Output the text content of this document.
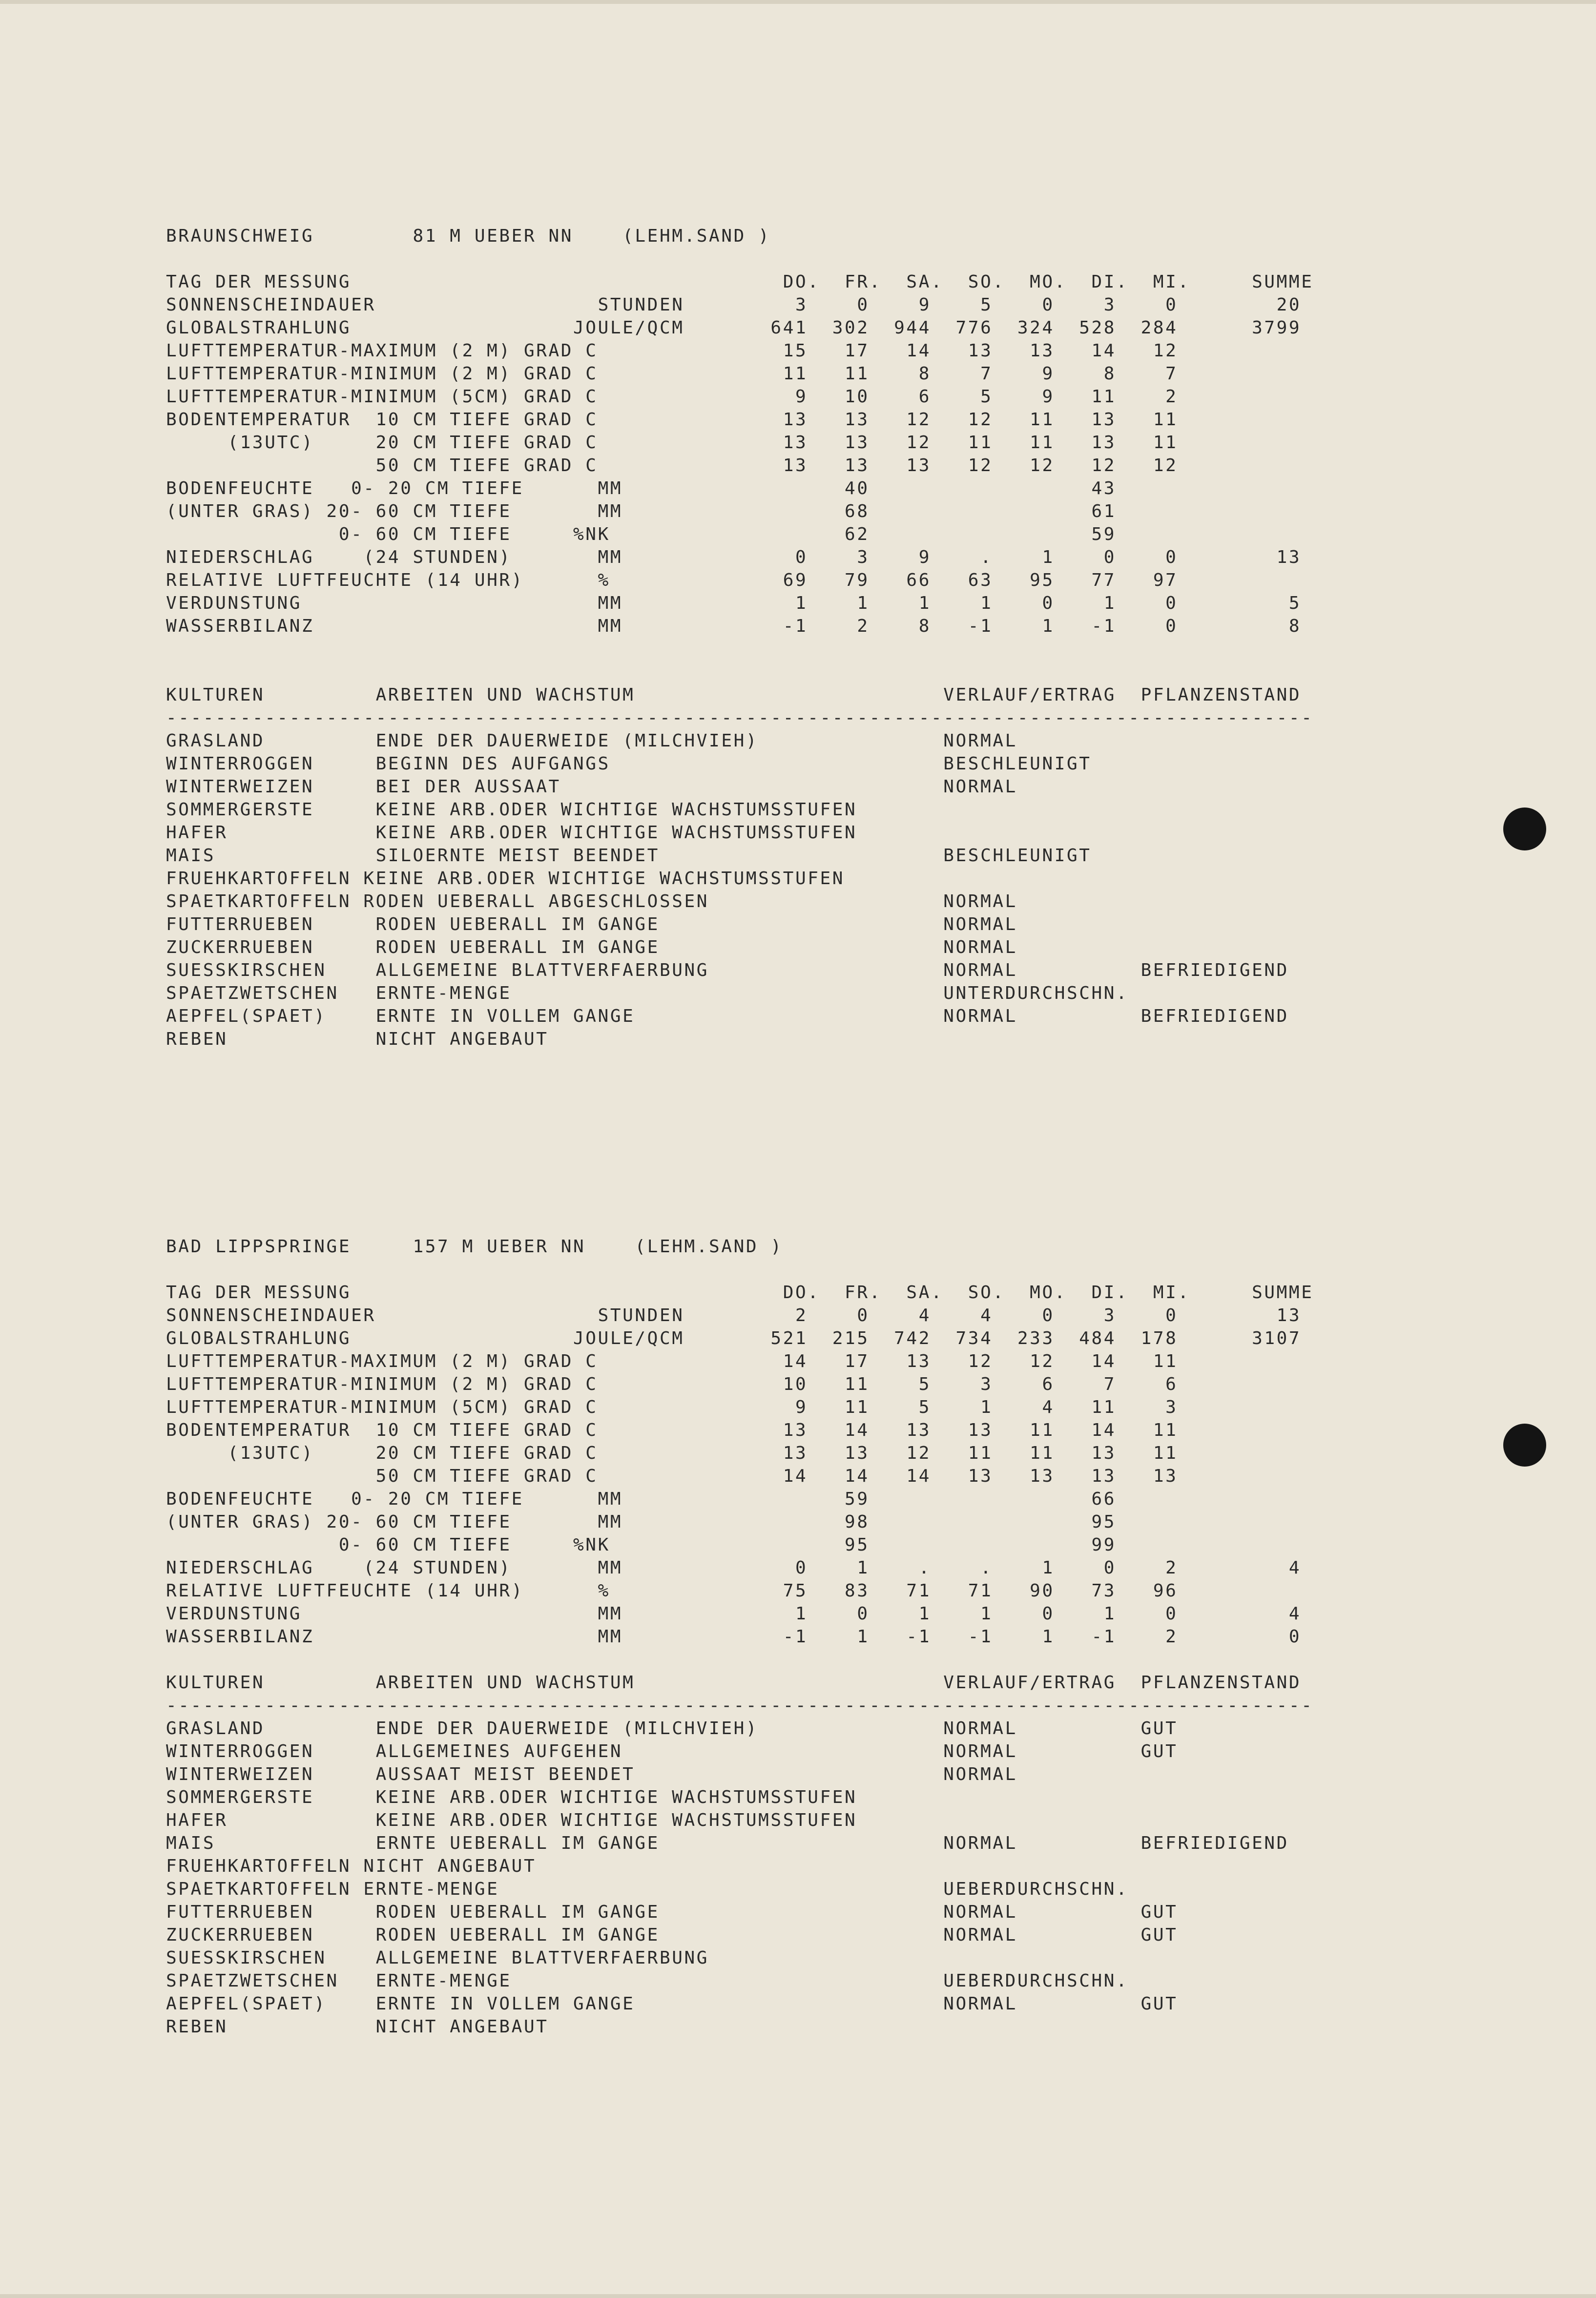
BRAUNSCHWEIG        81 M UEBER NN    (LEHM.SAND )
TAG DER MESSUNG                                   DO.  FR.  SA.  SO.  MO.  DI.  MI.     SUMME
SONNENSCHEINDAUER                  STUNDEN         3    0    9    5    0    3    0        20
GLOBALSTRAHLUNG                  JOULE/QCM       641  302  944  776  324  528  284      3799
LUFTTEMPERATUR-MAXIMUM (2 M) GRAD C               15   17   14   13   13   14   12
LUFTTEMPERATUR-MINIMUM (2 M) GRAD C               11   11    8    7    9    8    7
LUFTTEMPERATUR-MINIMUM (5CM) GRAD C                9   10    6    5    9   11    2
BODENTEMPERATUR  10 CM TIEFE GRAD C               13   13   12   12   11   13   11
(13UTC)     20 CM TIEFE GRAD C               13   13   12   11   11   13   11
50 CM TIEFE GRAD C               13   13   13   12   12   12   12
BODENFEUCHTE   0- 20 CM TIEFE      MM                  40                  43
(UNTER GRAS) 20- 60 CM TIEFE       MM                  68                  61
0- 60 CM TIEFE     %NK                   62                  59
NIEDERSCHLAG    (24 STUNDEN)       MM              0    3    9    .    1    0    0        13
RELATIVE LUFTFEUCHTE (14 UHR)      %              69   79   66   63   95   77   97
VERDUNSTUNG                        MM              1    1    1    1    0    1    0         5
WASSERBILANZ                       MM             -1    2    8   -1    1   -1    0         8
KULTUREN         ARBEITEN UND WACHSTUM                         VERLAUF/ERTRAG  PFLANZENSTAND
---------------------------------------------------------------------------------------------
GRASLAND         ENDE DER DAUERWEIDE (MILCHVIEH)               NORMAL
WINTERROGGEN     BEGINN DES AUFGANGS                           BESCHLEUNIGT
WINTERWEIZEN     BEI DER AUSSAAT                               NORMAL
SOMMERGERSTE     KEINE ARB.ODER WICHTIGE WACHSTUMSSTUFEN
HAFER            KEINE ARB.ODER WICHTIGE WACHSTUMSSTUFEN
MAIS             SILOERNTE MEIST BEENDET                       BESCHLEUNIGT
FRUEHKARTOFFELN KEINE ARB.ODER WICHTIGE WACHSTUMSSTUFEN
SPAETKARTOFFELN RODEN UEBERALL ABGESCHLOSSEN                   NORMAL
FUTTERRUEBEN     RODEN UEBERALL IM GANGE                       NORMAL
ZUCKERRUEBEN     RODEN UEBERALL IM GANGE                       NORMAL
SUESSKIRSCHEN    ALLGEMEINE BLATTVERFAERBUNG                   NORMAL          BEFRIEDIGEND
SPAETZWETSCHEN   ERNTE-MENGE                                   UNTERDURCHSCHN.
AEPFEL(SPAET)    ERNTE IN VOLLEM GANGE                         NORMAL          BEFRIEDIGEND
REBEN            NICHT ANGEBAUT
BAD LIPPSPRINGE     157 M UEBER NN    (LEHM.SAND )
TAG DER MESSUNG                                   DO.  FR.  SA.  SO.  MO.  DI.  MI.     SUMME
SONNENSCHEINDAUER                  STUNDEN         2    0    4    4    0    3    0        13
GLOBALSTRAHLUNG                  JOULE/QCM       521  215  742  734  233  484  178      3107
LUFTTEMPERATUR-MAXIMUM (2 M) GRAD C               14   17   13   12   12   14   11
LUFTTEMPERATUR-MINIMUM (2 M) GRAD C               10   11    5    3    6    7    6
LUFTTEMPERATUR-MINIMUM (5CM) GRAD C                9   11    5    1    4   11    3
BODENTEMPERATUR  10 CM TIEFE GRAD C               13   14   13   13   11   14   11
(13UTC)     20 CM TIEFE GRAD C               13   13   12   11   11   13   11
50 CM TIEFE GRAD C               14   14   14   13   13   13   13
BODENFEUCHTE   0- 20 CM TIEFE      MM                  59                  66
(UNTER GRAS) 20- 60 CM TIEFE       MM                  98                  95
0- 60 CM TIEFE     %NK                   95                  99
NIEDERSCHLAG    (24 STUNDEN)       MM              0    1    .    .    1    0    2         4
RELATIVE LUFTFEUCHTE (14 UHR)      %              75   83   71   71   90   73   96
VERDUNSTUNG                        MM              1    0    1    1    0    1    0         4
WASSERBILANZ                       MM             -1    1   -1   -1    1   -1    2         0
KULTUREN         ARBEITEN UND WACHSTUM                         VERLAUF/ERTRAG  PFLANZENSTAND
---------------------------------------------------------------------------------------------
GRASLAND         ENDE DER DAUERWEIDE (MILCHVIEH)               NORMAL          GUT
WINTERROGGEN     ALLGEMEINES AUFGEHEN                          NORMAL          GUT
WINTERWEIZEN     AUSSAAT MEIST BEENDET                         NORMAL
SOMMERGERSTE     KEINE ARB.ODER WICHTIGE WACHSTUMSSTUFEN
HAFER            KEINE ARB.ODER WICHTIGE WACHSTUMSSTUFEN
MAIS             ERNTE UEBERALL IM GANGE                       NORMAL          BEFRIEDIGEND
FRUEHKARTOFFELN NICHT ANGEBAUT
SPAETKARTOFFELN ERNTE-MENGE                                    UEBERDURCHSCHN.
FUTTERRUEBEN     RODEN UEBERALL IM GANGE                       NORMAL          GUT
ZUCKERRUEBEN     RODEN UEBERALL IM GANGE                       NORMAL          GUT
SUESSKIRSCHEN    ALLGEMEINE BLATTVERFAERBUNG
SPAETZWETSCHEN   ERNTE-MENGE                                   UEBERDURCHSCHN.
AEPFEL(SPAET)    ERNTE IN VOLLEM GANGE                         NORMAL          GUT
REBEN            NICHT ANGEBAUT
